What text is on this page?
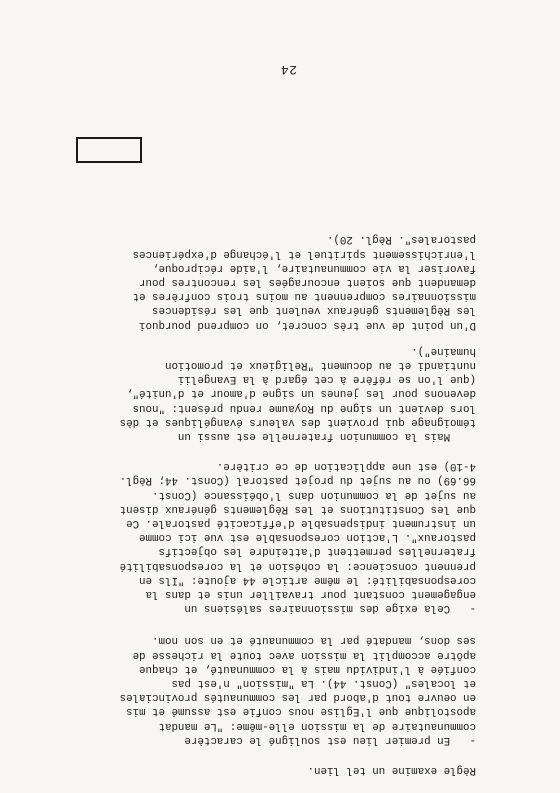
24
Règle examine un tel lien.
-   En premier lieu est souligné le caractère
communautaire de la mission elle-même: "Le mandat
apostolique que l'Eglise nous confie est assumé et mis
en oeuvre tout d'abord par les communautés provinciales
et locales" (Const. 44). La "mission" n'est pas
confiée à l'individu mais à la communauté, et chaque
apôtre accomplit la mission avec toute la richesse de
ses dons, mandaté par la communauté et en son nom.
-   Cela exige des missionnaires salésiens un
engagement constant pour travailler unis et dans la
coresponsabilité: le même article 44 ajoute: "Ils en
prennent conscience: la cohésion et la coresponsabilité
fraternelles permettent d'atteindre les objectifs
pastoraux". L'action coresponsable est vue ici comme
un instrument indispensable d'efficacité pastorale. Ce
que les Constitutions et les Règlements généraux disent
au sujet de la communion dans l'obéissance (Const.
66.69) ou au sujet du projet pastoral (Const. 44; Règl.
4-10) est une application de ce critère.
Mais la communion fraternelle est aussi un
témoignage qui provient des valeurs évangéliques et dès
lors devient un signe du Royaume rendu présent: "nous
devenons pour les jeunes un signe d'amour et d'unité",
(que l'on se réfère à cet égard à la Evangelii
nuntiandi et au document "Religieux et promotion
humaine").
D'un point de vue très concret, on comprend pourquoi
les Règlements généraux veulent que les résidences
missionnaires comprennent au moins trois confrères et
demandent que soient encouragées les rencontres pour
favoriser la vie communautaire, l'aide réciproque,
l'enrichissement spirituel et l'échange d'expériences
pastorales". Règl. 20).
